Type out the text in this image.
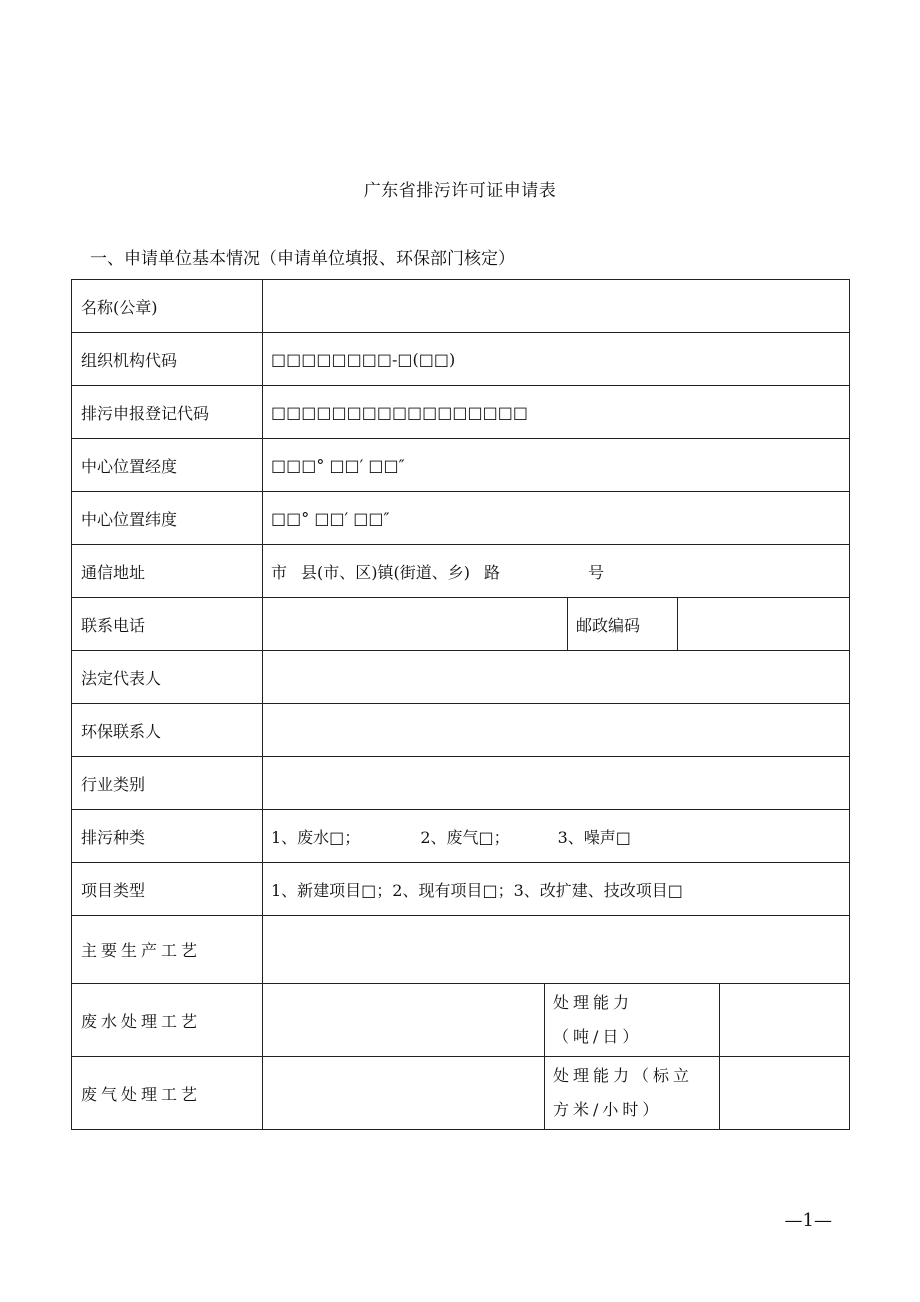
广东省排污许可证申请表
一、申请单位基本情况（申请单位填报、环保部门核定）
名称(公章)					
组织机构代码	□□□□□□□□-□(□□)				
排污申报登记代码	□□□□□□□□□□□□□□□□□				
中心位置经度	□□□° □□′ □□″				
中心位置纬度	□□° □□′ □□″				
通信地址	市 县(市、区)镇(街道、乡) 路 号				
联系电话			邮政编码		
法定代表人					
环保联系人					
行业类别					
排污种类	1、废水□； 2、废气□； 3、噪声□				
项目类型	1、新建项目□；2、现有项目□；3、改扩建、技改项目□				
主要生产工艺					
废水处理工艺		处理能力
（吨/日）			

废气处理工艺		处理能力（标立
方米/小时）			

—1—
